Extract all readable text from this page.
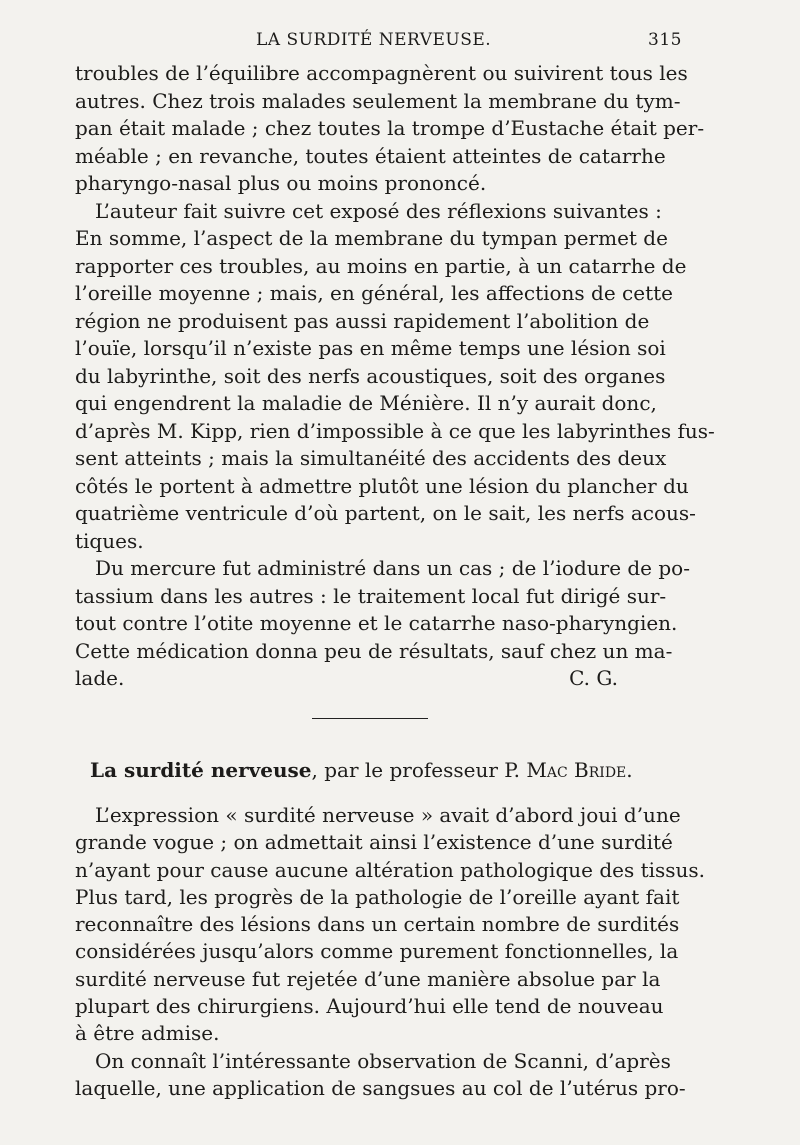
LA SURDITÉ NERVEUSE.	315
troubles de l’équilibre accompagnèrent ou suivirent tous les
autres. Chez trois malades seulement la membrane du tym-
pan était malade ; chez toutes la trompe d’Eustache était per-
méable ; en revanche, toutes étaient atteintes de catarrhe
pharyngo-nasal plus ou moins prononcé.
L’auteur fait suivre cet exposé des réflexions suivantes :
En somme, l’aspect de la membrane du tympan permet de
rapporter ces troubles, au moins en partie, à un catarrhe de
l’oreille moyenne ; mais, en général, les affections de cette
région ne produisent pas aussi rapidement l’abolition de
l’ouïe, lorsqu’il n’existe pas en même temps une lésion soi
du labyrinthe, soit des nerfs acoustiques, soit des organes
qui engendrent la maladie de Ménière. Il n’y aurait donc,
d’après M. Kipp, rien d’impossible à ce que les labyrinthes fus-
sent atteints ; mais la simultanéité des accidents des deux
côtés le portent à admettre plutôt une lésion du plancher du
quatrième ventricule d’où partent, on le sait, les nerfs acous-
tiques.
Du mercure fut administré dans un cas ; de l’iodure de po-
tassium dans les autres : le traitement local fut dirigé sur-
tout contre l’otite moyenne et le catarrhe naso-pharyngien.
Cette médication donna peu de résultats, sauf chez un ma-
lade.	C. G.
La surdité nerveuse, par le professeur P. Mac Bride.
L’expression « surdité nerveuse » avait d’abord joui d’une
grande vogue ; on admettait ainsi l’existence d’une surdité
n’ayant pour cause aucune altération pathologique des tissus.
Plus tard, les progrès de la pathologie de l’oreille ayant fait
reconnaître des lésions dans un certain nombre de surdités
considérées jusqu’alors comme purement fonctionnelles, la
surdité nerveuse fut rejetée d’une manière absolue par la
plupart des chirurgiens. Aujourd’hui elle tend de nouveau
à être admise.
On connaît l’intéressante observation de Scanni, d’après
laquelle, une application de sangsues au col de l’utérus pro-
